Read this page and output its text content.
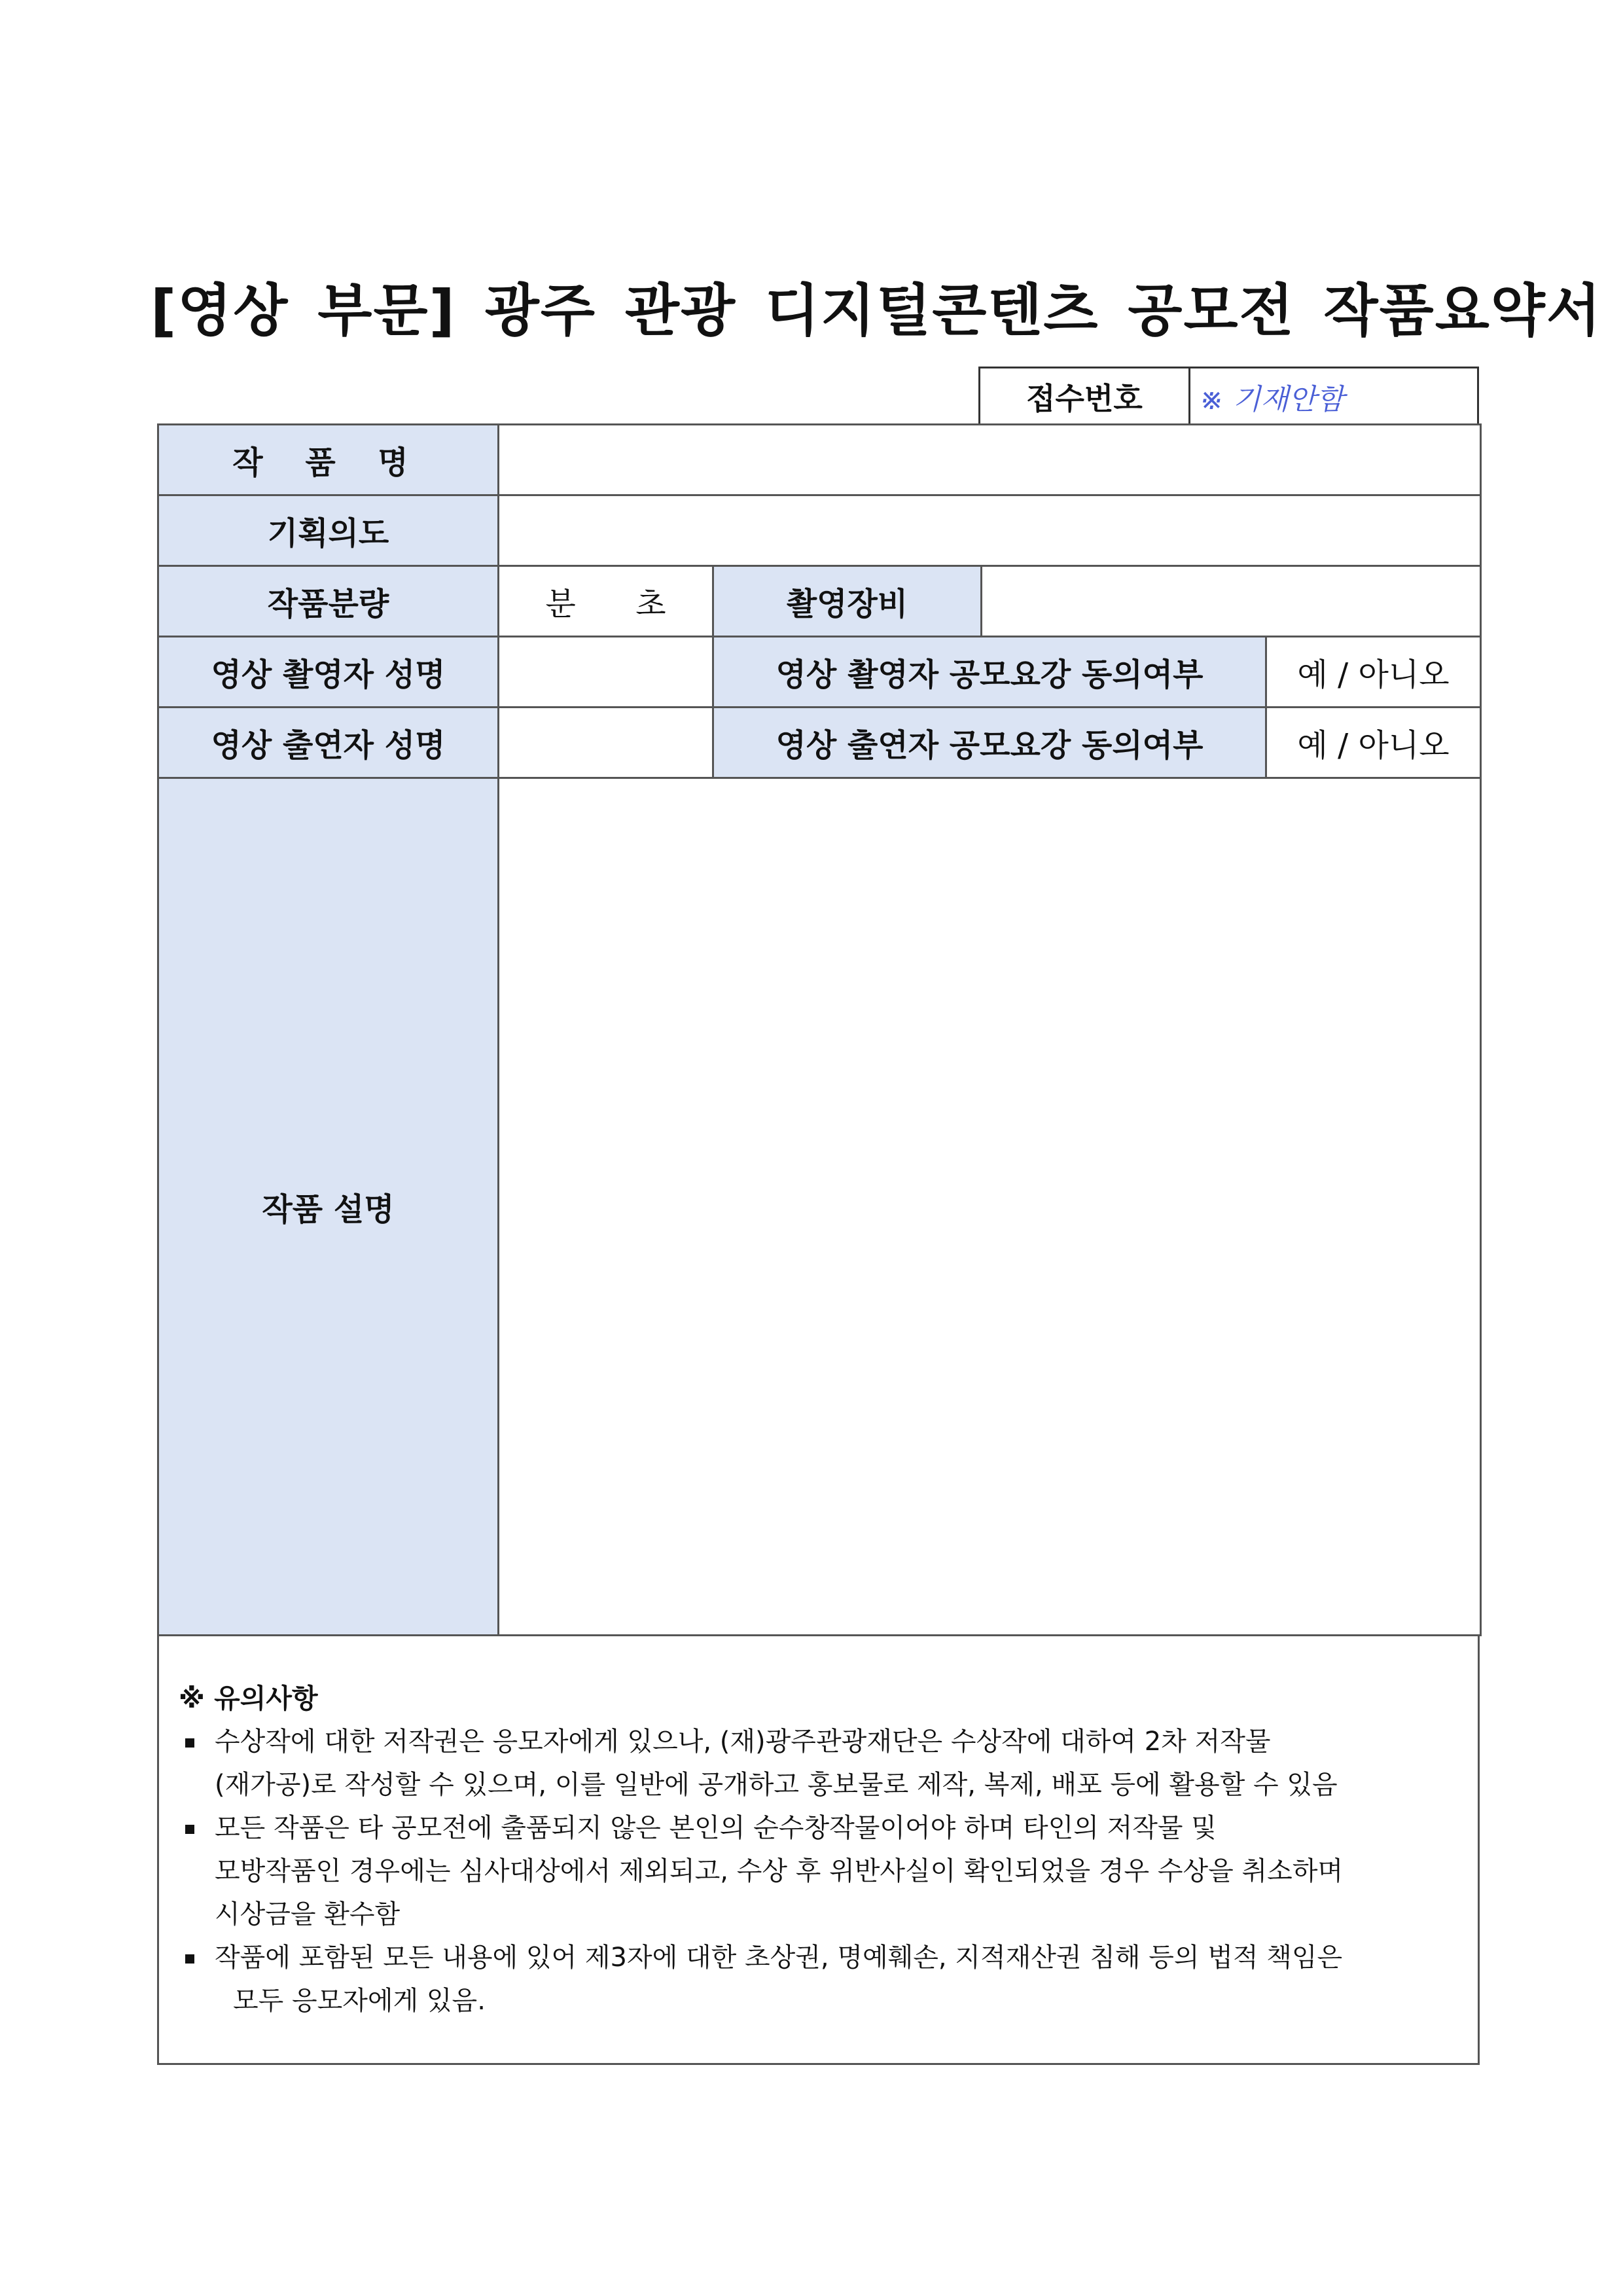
[영상 부문] 광주 관광 디지털콘텐츠 공모전 작품요약서
접수번호	※ 기재안함
작 품 명				
기획의도				
작품분량	분      초	촬영장비		
영상 촬영자 성명		영상 촬영자 공모요강 동의여부		예 / 아니오
영상 출연자 성명		영상 출연자 공모요강 동의여부		예 / 아니오
작품 설명				
※ 유의사항
수상작에 대한 저작권은 응모자에게 있으나, (재)광주관광재단은 수상작에 대하여 2차 저작물
(재가공)로 작성할 수 있으며, 이를 일반에 공개하고 홍보물로 제작, 복제, 배포 등에 활용할 수 있음
모든 작품은 타 공모전에 출품되지 않은 본인의 순수창작물이어야 하며 타인의 저작물 및
모방작품인 경우에는 심사대상에서 제외되고, 수상 후 위반사실이 확인되었을 경우 수상을 취소하며
시상금을 환수함
작품에 포함된 모든 내용에 있어 제3자에 대한 초상권, 명예훼손, 지적재산권 침해 등의 법적 책임은
모두 응모자에게 있음.
